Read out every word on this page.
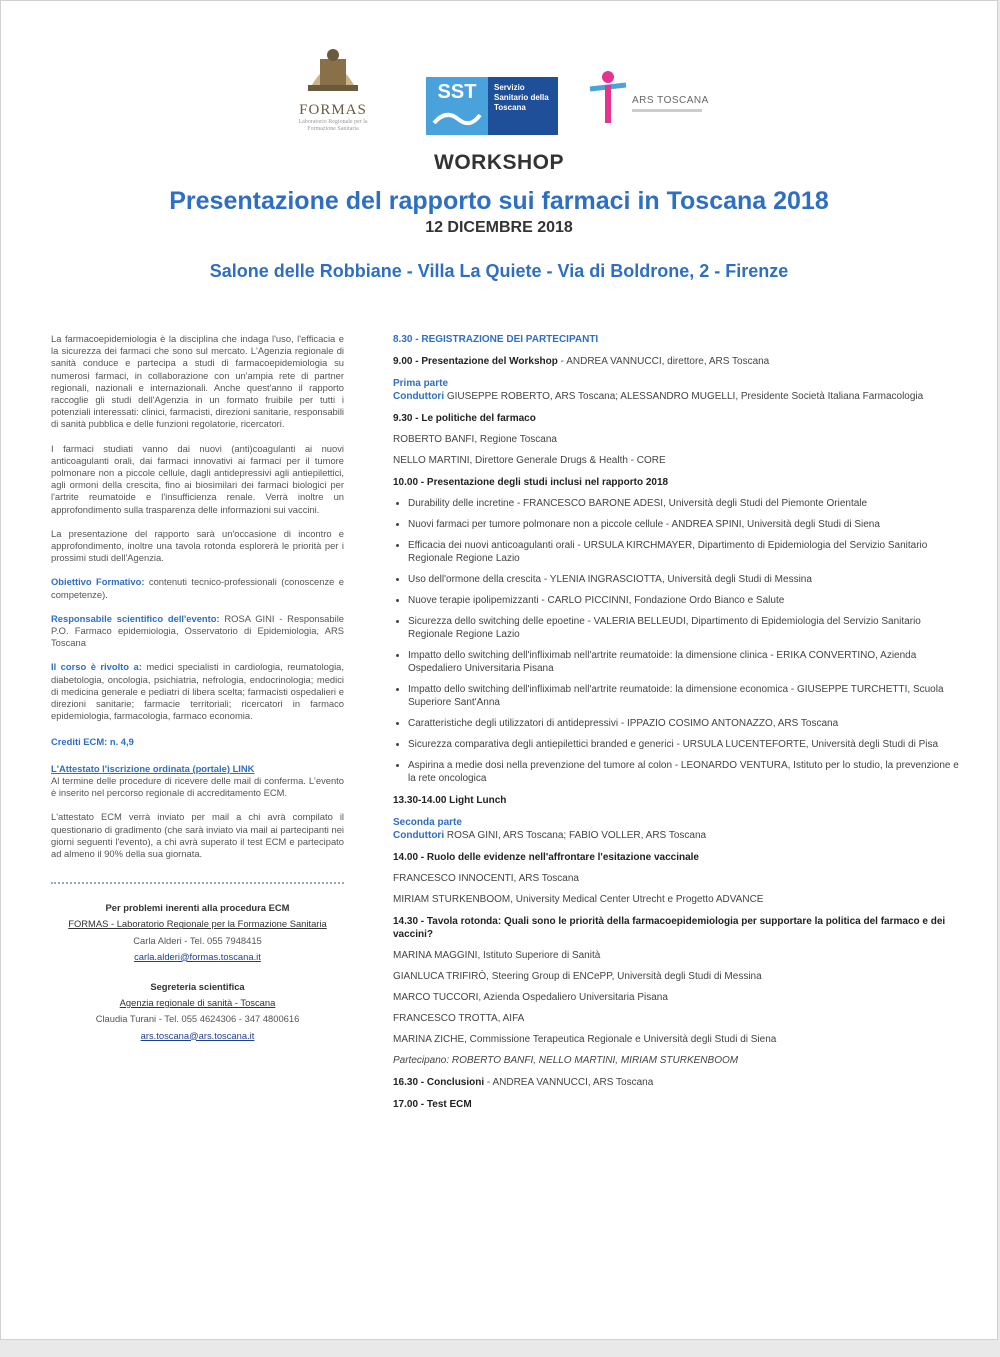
FORMAS
Laboratorio Regionale per la Formazione Sanitaria
SST	Servizio Sanitario della Toscana
ARS TOSCANA
WORKSHOP
Presentazione del rapporto sui farmaci in Toscana 2018
12 DICEMBRE 2018
Salone delle Robbiane - Villa La Quiete - Via di Boldrone, 2 - Firenze

La farmacoepidemiologia è la disciplina che indaga l'uso, l'efficacia e la sicurezza dei farmaci che sono sul mercato. L'Agenzia regionale di sanità conduce e partecipa a studi di farmacoepidemiologia su numerosi farmaci, in collaborazione con un'ampia rete di partner regionali, nazionali e internazionali. Anche quest'anno il rapporto raccoglie gli studi dell'Agenzia in un formato fruibile per tutti i potenziali interessati: clinici, farmacisti, direzioni sanitarie, responsabili di sanità pubblica e delle funzioni regolatorie, ricercatori.

I farmaci studiati vanno dai nuovi (anti)coagulanti ai nuovi anticoagulanti orali, dai farmaci innovativi ai farmaci per il tumore polmonare non a piccole cellule, dagli antidepressivi agli antiepilettici, agli ormoni della crescita, fino ai biosimilari dei farmaci biologici per l'artrite reumatoide e l'insufficienza renale. Verrà inoltre un approfondimento sulla trasparenza delle informazioni sui vaccini.

La presentazione del rapporto sarà un'occasione di incontro e approfondimento, inoltre una tavola rotonda esplorerà le priorità per i prossimi studi dell'Agenzia.

Obiettivo Formativo: contenuti tecnico-professionali (conoscenze e competenze).

Responsabile scientifico dell'evento: ROSA GINI - Responsabile P.O. Farmaco epidemiologia, Osservatorio di Epidemiologia, ARS Toscana

Il corso è rivolto a: medici specialisti in cardiologia, reumatologia, diabetologia, oncologia, psichiatria, nefrologia, endocrinologia; medici di medicina generale e pediatri di libera scelta; farmacisti ospedalieri e direzioni sanitarie; farmacie territoriali; ricercatori in farmaco epidemiologia, farmacologia, farmaco economia.

Crediti ECM: n. 4,9

L'Attestato l'iscrizione ordinata (portale) LINK
Al termine delle procedure di ricevere delle mail di conferma. L'evento è inserito nel percorso regionale di accreditamento ECM.

L'attestato ECM verrà inviato per mail a chi avrà compilato il questionario di gradimento (che sarà inviato via mail ai partecipanti nei giorni seguenti l'evento), a chi avrà superato il test ECM e partecipato ad almeno il 90% della sua giornata.

Per problemi inerenti alla procedura ECM
FORMAS - Laboratorio Regionale per la Formazione Sanitaria
Carla Alderi - Tel. 055 7948415
carla.alderi@formas.toscana.it
Segreteria scientifica
Agenzia regionale di sanità - Toscana
Claudia Turani - Tel. 055 4624306 - 347 4800616
ars.toscana@ars.toscana.it
8.30 - REGISTRAZIONE DEI PARTECIPANTI
9.00 - Presentazione del Workshop - ANDREA VANNUCCI, direttore, ARS Toscana
Prima parte
Conduttori GIUSEPPE ROBERTO, ARS Toscana; ALESSANDRO MUGELLI, Presidente Società Italiana Farmacologia
9.30 - Le politiche del farmaco
ROBERTO BANFI, Regione Toscana
NELLO MARTINI, Direttore Generale Drugs & Health - CORE
10.00 - Presentazione degli studi inclusi nel rapporto 2018
• Durability delle incretine - FRANCESCO BARONE ADESI, Università degli Studi del Piemonte Orientale
• Nuovi farmaci per tumore polmonare non a piccole cellule - ANDREA SPINI, Università degli Studi di Siena
• Efficacia dei nuovi anticoagulanti orali - URSULA KIRCHMAYER, Dipartimento di Epidemiologia del Servizio Sanitario Regionale Regione Lazio
• Uso dell'ormone della crescita - YLENIA INGRASCIOTTA, Università degli Studi di Messina
• Nuove terapie ipolipemizzanti - CARLO PICCINNI, Fondazione Ordo Bianco e Salute
• Sicurezza dello switching delle epoetine - VALERIA BELLEUDI, Dipartimento di Epidemiologia del Servizio Sanitario Regionale Regione Lazio
• Impatto dello switching dell'infliximab nell'artrite reumatoide: la dimensione clinica - ERIKA CONVERTINO, Azienda Ospedaliero Universitaria Pisana
• Impatto dello switching dell'infliximab nell'artrite reumatoide: la dimensione economica - GIUSEPPE TURCHETTI, Scuola Superiore Sant'Anna
• Caratteristiche degli utilizzatori di antidepressivi - IPPAZIO COSIMO ANTONAZZO, ARS Toscana
• Sicurezza comparativa degli antiepilettici branded e generici - URSULA LUCENTEFORTE, Università degli Studi di Pisa
• Aspirina a medie dosi nella prevenzione del tumore al colon - LEONARDO VENTURA, Istituto per lo studio, la prevenzione e la rete oncologica
13.30-14.00 Light Lunch
Seconda parte
Conduttori ROSA GINI, ARS Toscana; FABIO VOLLER, ARS Toscana
14.00 - Ruolo delle evidenze nell'affrontare l'esitazione vaccinale
FRANCESCO INNOCENTI, ARS Toscana
MIRIAM STURKENBOOM, University Medical Center Utrecht e Progetto ADVANCE
14.30 - Tavola rotonda: Quali sono le priorità della farmacoepidemiologia per supportare la politica del farmaco e dei vaccini?
MARINA MAGGINI, Istituto Superiore di Sanità
GIANLUCA TRIFIRÒ, Steering Group di ENCePP, Università degli Studi di Messina
MARCO TUCCORI, Azienda Ospedaliero Universitaria Pisana
FRANCESCO TROTTA, AIFA
MARINA ZICHE, Commissione Terapeutica Regionale e Università degli Studi di Siena
Partecipano: ROBERTO BANFI, NELLO MARTINI, MIRIAM STURKENBOOM
16.30 - Conclusioni - ANDREA VANNUCCI, ARS Toscana
17.00 - Test ECM
